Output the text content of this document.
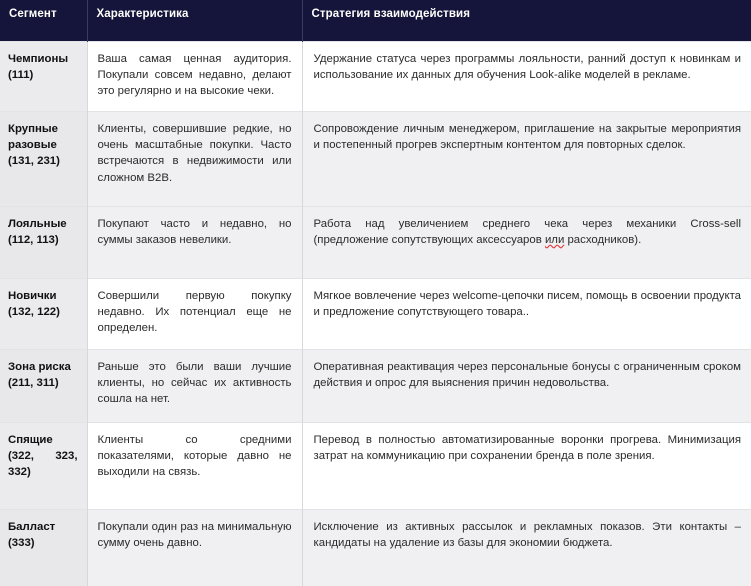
Сегмент	Характеристика	Стратегия взаимодействия

Чемпионы
(111)	Ваша самая ценная аудитория. Покупали совсем недавно, делают это регулярно и на высокие чеки.	Удержание статуса через программы лояльности, ранний доступ к новинкам и использование их данных для обучения Look-alike моделей в рекламе.

Крупные разовые
(131, 231)	Клиенты, совершившие редкие, но очень масштабные покупки. Часто встречаются в недвижимости или сложном B2B.	Сопровождение личным менеджером, приглашение на закрытые мероприятия и постепенный прогрев экспертным контентом для повторных сделок.

Лояльные
(112, 113)	Покупают часто и недавно, но суммы заказов невелики.	Работа над увеличением среднего чека через механики Cross-sell (предложение сопутствующих аксессуаров или расходников).

Новички
(132, 122)	Совершили первую покупку недавно. Их потенциал еще не определен.	Мягкое вовлечение через welcome-цепочки писем, помощь в освоении продукта и предложение сопутствующего товара..

Зона риска
(211, 311)	Раньше это были ваши лучшие клиенты, но сейчас их активность сошла на нет.	Оперативная реактивация через персональные бонусы с ограниченным сроком действия и опрос для выяснения причин недовольства.

Спящие
(322, 323, 332)	Клиенты со средними показателями, которые давно не выходили на связь.	Перевод в полностью автоматизированные воронки прогрева. Минимизация затрат на коммуникацию при сохранении бренда в поле зрения.

Балласт
(333)	Покупали один раз на минимальную сумму очень давно.	Исключение из активных рассылок и рекламных показов. Эти контакты – кандидаты на удаление из базы для экономии бюджета.
